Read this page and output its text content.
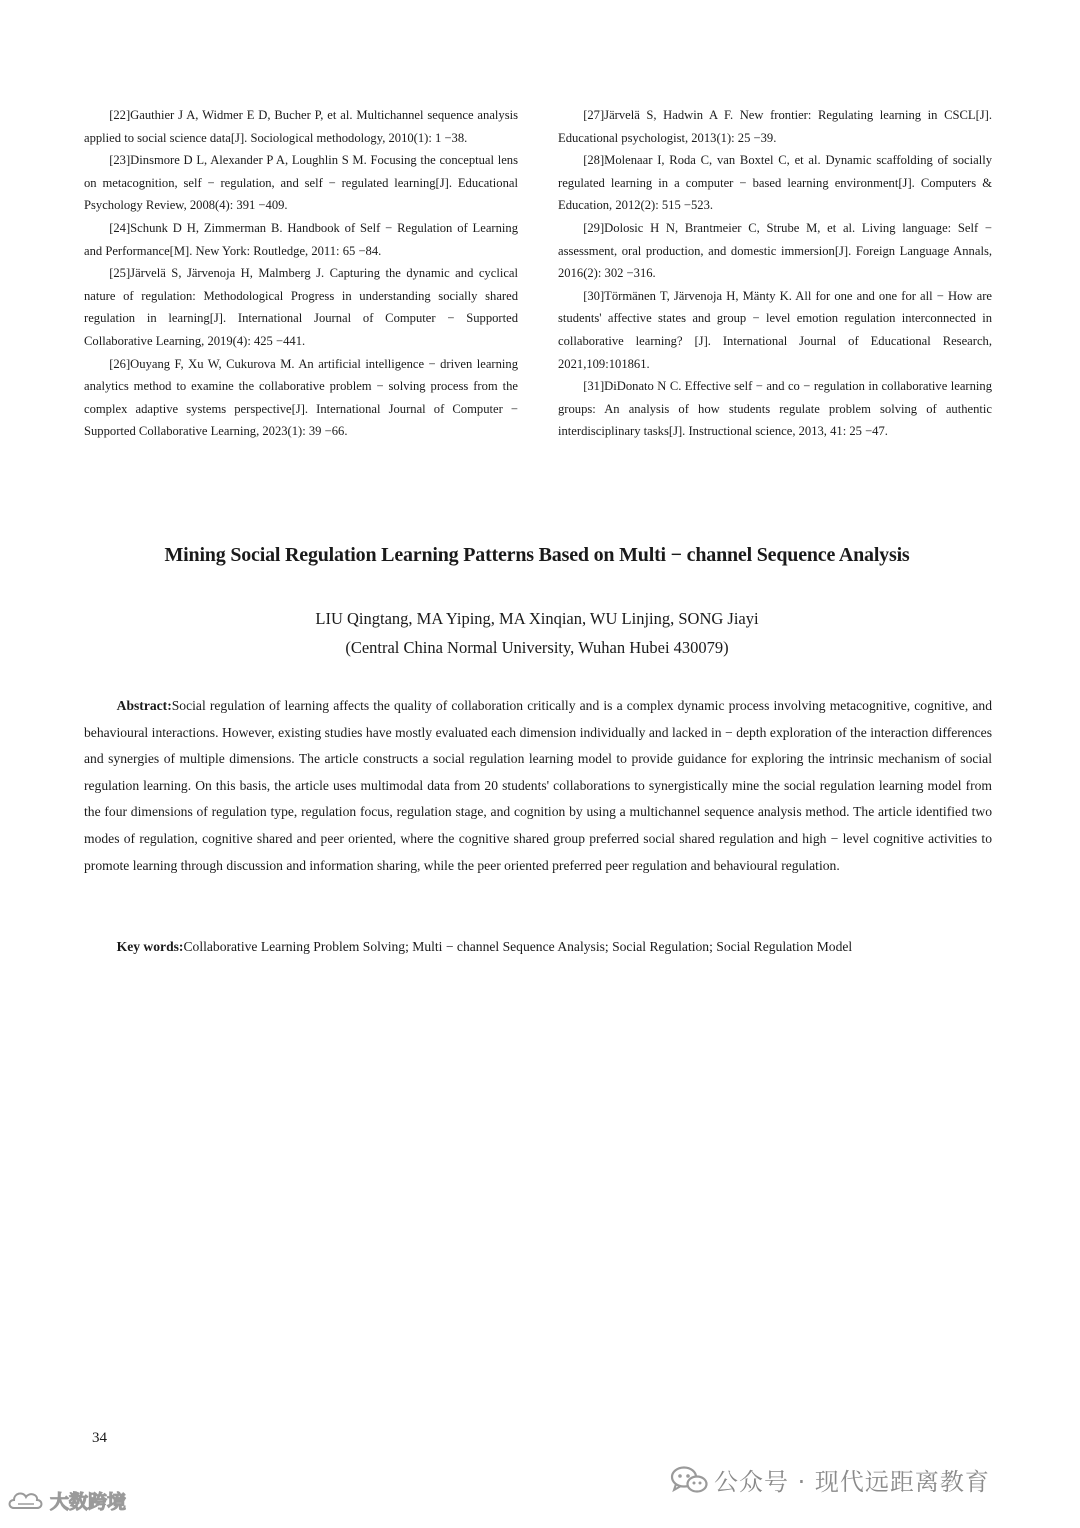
[22]Gauthier J A, Widmer E D, Bucher P, et al. Multichannel sequence analysis applied to social science data[J]. Sociological methodology, 2010(1): 1 −38.

[23]Dinsmore D L, Alexander P A, Loughlin S M. Focusing the conceptual lens on metacognition, self − regulation, and self − regulated learning[J]. Educational Psychology Review, 2008(4): 391 −409.

[24]Schunk D H, Zimmerman B. Handbook of Self − Regulation of Learning and Performance[M]. New York: Routledge, 2011: 65 −84.

[25]Järvelä S, Järvenoja H, Malmberg J. Capturing the dynamic and cyclical nature of regulation: Methodological Progress in understanding socially shared regulation in learning[J]. International Journal of Computer − Supported Collaborative Learning, 2019(4): 425 −441.

[26]Ouyang F, Xu W, Cukurova M. An artificial intelligence − driven learning analytics method to examine the collaborative problem − solving process from the complex adaptive systems perspective[J]. International Journal of Computer − Supported Collaborative Learning, 2023(1): 39 −66.

[27]Järvelä S, Hadwin A F. New frontier: Regulating learning in CSCL[J]. Educational psychologist, 2013(1): 25 −39.

[28]Molenaar I, Roda C, van Boxtel C, et al. Dynamic scaffolding of socially regulated learning in a computer − based learning environment[J]. Computers & Education, 2012(2): 515 −523.

[29]Dolosic H N, Brantmeier C, Strube M, et al. Living language: Self − assessment, oral production, and domestic immersion[J]. Foreign Language Annals, 2016(2): 302 −316.

[30]Törmänen T, Järvenoja H, Mänty K. All for one and one for all − How are students' affective states and group − level emotion regulation interconnected in collaborative learning? [J]. International Journal of Educational Research, 2021,109:101861.

[31]DiDonato N C. Effective self − and co − regulation in collaborative learning groups: An analysis of how students regulate problem solving of authentic interdisciplinary tasks[J]. Instructional science, 2013, 41: 25 −47.

Mining Social Regulation Learning Patterns Based on Multi − channel Sequence Analysis
LIU Qingtang, MA Yiping, MA Xinqian, WU Linjing, SONG Jiayi
(Central China Normal University, Wuhan Hubei 430079)

Abstract:Social regulation of learning affects the quality of collaboration critically and is a complex dynamic process involving metacognitive, cognitive, and behavioural interactions. However, existing studies have mostly evaluated each dimension individually and lacked in − depth exploration of the interaction differences and synergies of multiple dimensions. The article constructs a social regulation learning model to provide guidance for exploring the intrinsic mechanism of social regulation learning. On this basis, the article uses multimodal data from 20 students' collaborations to synergistically mine the social regulation learning model from the four dimensions of regulation type, regulation focus, regulation stage, and cognition by using a multichannel sequence analysis method. The article identified two modes of regulation, cognitive shared and peer oriented, where the cognitive shared group preferred social shared regulation and high − level cognitive activities to promote learning through discussion and information sharing, while the peer oriented preferred peer regulation and behavioural regulation.

Key words:Collaborative Learning Problem Solving; Multi − channel Sequence Analysis; Social Regulation; Social Regulation Model

34
公众号 · 现代远距离教育
大数跨境
